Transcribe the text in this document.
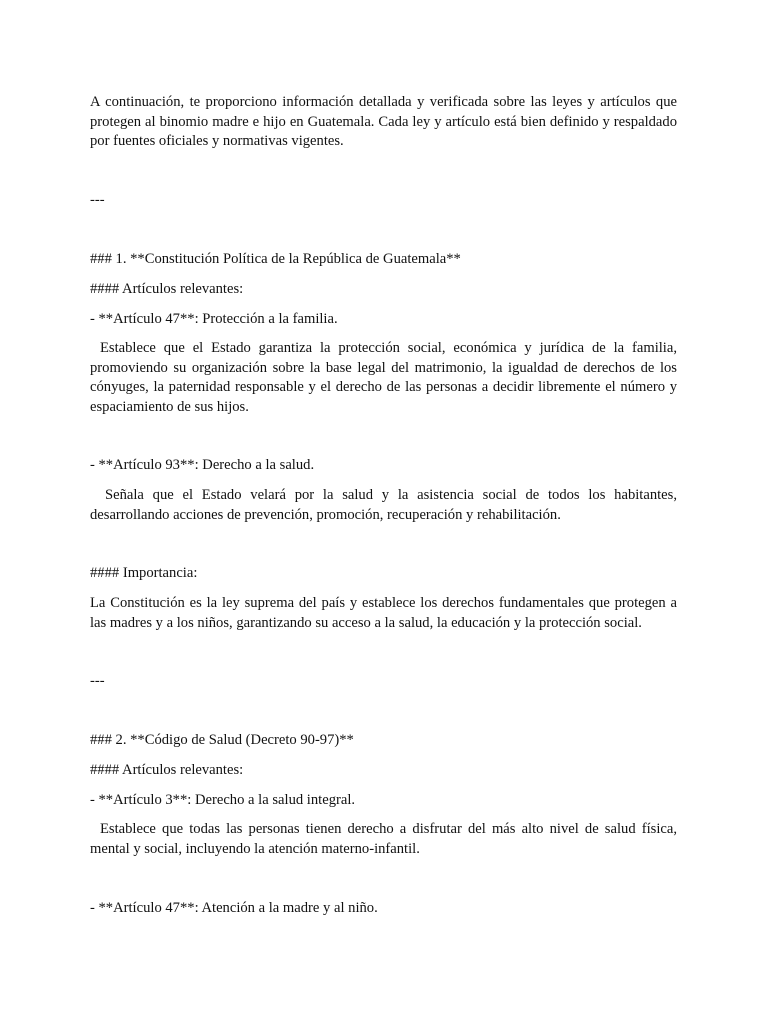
A continuación, te proporciono información detallada y verificada sobre las leyes y artículos que protegen al binomio madre e hijo en Guatemala. Cada ley y artículo está bien definido y respaldado por fuentes oficiales y normativas vigentes.
---
### 1. **Constitución Política de la República de Guatemala**
#### Artículos relevantes:
- **Artículo 47**: Protección a la familia.
Establece que el Estado garantiza la protección social, económica y jurídica de la familia, promoviendo su organización sobre la base legal del matrimonio, la igualdad de derechos de los cónyuges, la paternidad responsable y el derecho de las personas a decidir libremente el número y espaciamiento de sus hijos.
- **Artículo 93**: Derecho a la salud.
Señala que el Estado velará por la salud y la asistencia social de todos los habitantes, desarrollando acciones de prevención, promoción, recuperación y rehabilitación.
#### Importancia:
La Constitución es la ley suprema del país y establece los derechos fundamentales que protegen a las madres y a los niños, garantizando su acceso a la salud, la educación y la protección social.
---
### 2. **Código de Salud (Decreto 90-97)**
#### Artículos relevantes:
- **Artículo 3**: Derecho a la salud integral.
Establece que todas las personas tienen derecho a disfrutar del más alto nivel de salud física, mental y social, incluyendo la atención materno-infantil.
- **Artículo 47**: Atención a la madre y al niño.
